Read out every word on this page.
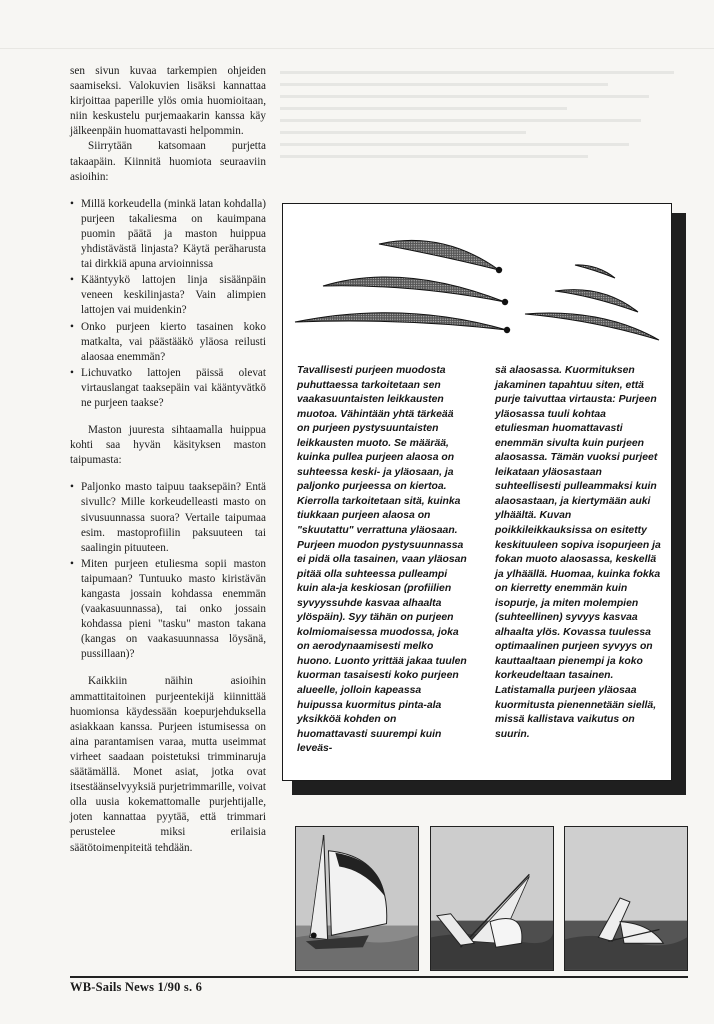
sen sivun kuvaa tarkempien ohjeiden saamiseksi. Valokuvien lisäksi kannattaa kirjoittaa paperille ylös omia huomioitaan, niin keskustelu purjemaakarin kanssa käy jälkeenpäin huomattavasti helpommin.

Siirrytään katsomaan purjetta takaapäin. Kiinnitä huomiota seuraaviin asioihin:

• Millä korkeudella (minkä latan kohdalla) purjeen takaliesma on kauimpana puomin päätä ja maston huippua yhdistävästä linjasta? Käytä peräharusta tai dirkkiä apuna arvioinnissa
• Kääntyykö lattojen linja sisäänpäin veneen keskilinjasta? Vain alimpien lattojen vai muidenkin?
• Onko purjeen kierto tasainen koko matkalta, vai päästääkö yläosa reilusti alaosaa enemmän?
• Lichuvatko lattojen päissä olevat virtauslangat taaksepäin vai kääntyvätkö ne purjeen taakse?

Maston juuresta sihtaamalla huippua kohti saa hyvän käsityksen maston taipumasta:

• Paljonko masto taipuu taaksepäin? Entä sivullc? Mille korkeudelleasti masto on sivusuunnassa suora? Vertaile taipumaa esim. mastoprofiilin paksuuteen tai saalingin pituuteen.
• Miten purjeen etuliesma sopii maston taipumaan? Tuntuuko masto kiristävän kangasta jossain kohdassa enemmän (vaakasuunnassa), tai onko jossain kohdassa pieni "tasku" maston takana (kangas on vaakasuunnassa löysänä, pussillaan)?

Kaikkiin näihin asioihin ammattitaitoinen purjeentekijä kiinnittää huomionsa käydessään koepurjehduksella asiakkaan kanssa. Purjeen istumisessa on aina parantamisen varaa, mutta useimmat virheet saadaan poistetuksi trimminaruja säätämällä. Monet asiat, jotka ovat itsestäänselvyyksiä purjetrimmarille, voivat olla uusia kokemattomalle purjehtijalle, joten kannattaa pyytää, että trimmari perustelee miksi erilaisia säätötoimenpiteitä tehdään.

Tavallisesti purjeen muodosta puhuttaessa tarkoitetaan sen vaakasuuntaisten leikkausten muotoa. Vähintään yhtä tärkeää on purjeen pystysuuntaisten leikkausten muoto. Se määrää, kuinka pullea purjeen alaosa on suhteessa keski- ja yläosaan, ja paljonko purjeessa on kiertoa. Kierrolla tarkoitetaan sitä, kuinka tiukkaan purjeen alaosa on "skuutattu" verrattuna yläosaan. Purjeen muodon pystysuunnassa ei pidä olla tasainen, vaan yläosan pitää olla suhteessa pulleampi kuin ala-ja keskiosan (profiilien syvyyssuhde kasvaa alhaalta ylöspäin). Syy tähän on purjeen kolmiomaisessa muodossa, joka on aerodynaamisesti melko huono. Luonto yrittää jakaa tuulen kuorman tasaisesti koko purjeen alueelle, jolloin kapeassa huipussa kuormitus pinta-ala yksikköä kohden on huomattavasti suurempi kuin leveäs-

sä alaosassa. Kuormituksen jakaminen tapahtuu siten, että purje taivuttaa virtausta: Purjeen yläosassa tuuli kohtaa etuliesman huomattavasti enemmän sivulta kuin purjeen alaosassa. Tämän vuoksi purjeet leikataan yläosastaan suhteellisesti pulleammaksi kuin alaosastaan, ja kiertymään auki ylhäältä. Kuvan poikkileikkauksissa on esitetty keskituuleen sopiva isopurjeen ja fokan muoto alaosassa, keskellä ja ylhäällä. Huomaa, kuinka fokka on kierretty enemmän kuin isopurje, ja miten molempien (suhteellinen) syvyys kasvaa alhaalta ylös. Kovassa tuulessa optimaalinen purjeen syvyys on kauttaaltaan pienempi ja koko korkeudeltaan tasainen. Latistamalla purjeen yläosaa kuormitusta pienennetään siellä, missä kallistava vaikutus on suurin.

WB-Sails News 1/90 s. 6
